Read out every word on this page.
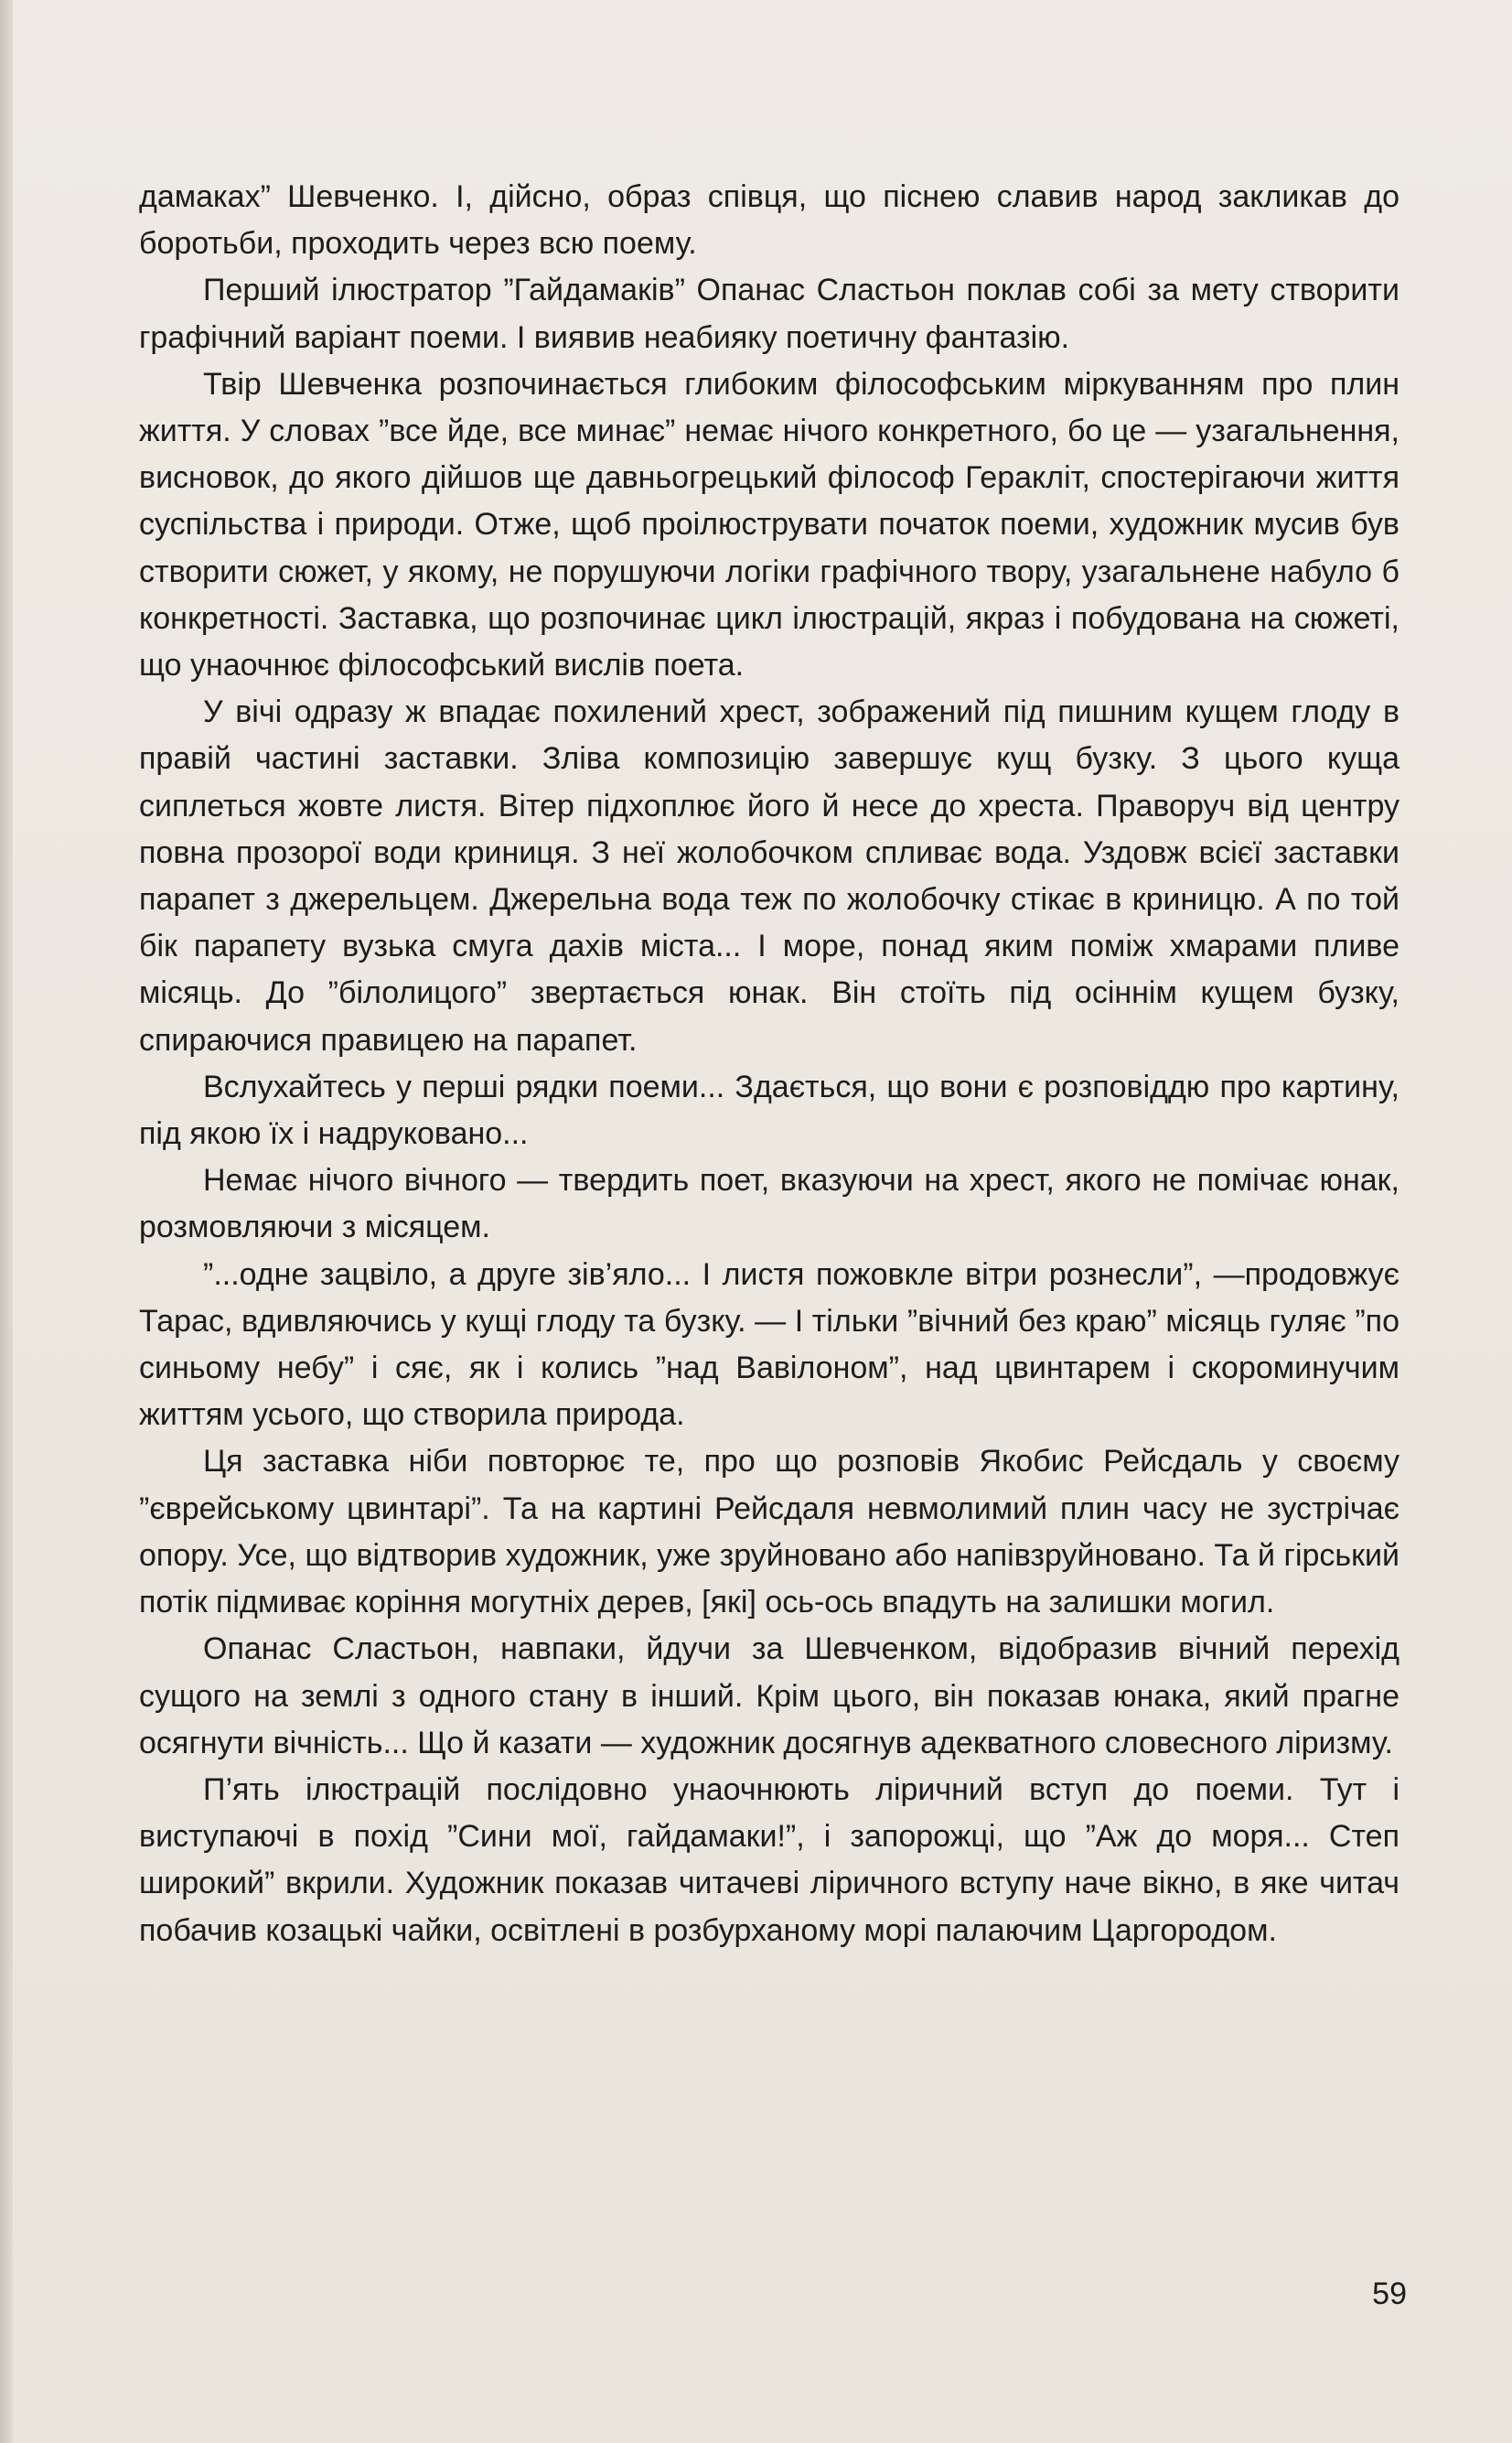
дамаках” Шевченко. І, дійсно, образ співця, що піснею славив народ закликав до боротьби, проходить через всю поему.

Перший ілюстратор ”Гайдамаків” Опанас Сластьон поклав собі за мету створити графічний варіант поеми. І виявив неабияку поетичну фантазію.

Твір Шевченка розпочинається глибоким філософським міркуванням про плин життя. У словах ”все йде, все минає” немає нічого конкретного, бо це — узагальнення, висновок, до якого дійшов ще давньогрецький філософ Геракліт, спостерігаючи життя суспільства і природи. Отже, щоб проілюструвати початок поеми, художник мусив був створити сюжет, у якому, не порушуючи логіки графічного твору, узагальнене набуло б конкретності. Заставка, що розпочинає цикл ілюстрацій, якраз і побудована на сюжеті, що унаочнює філософський вислів поета.

У вічі одразу ж впадає похилений хрест, зображений під пишним кущем глоду в правій частині заставки. Зліва композицію завершує кущ бузку. З цього куща сиплеться жовте листя. Вітер підхоплює його й несе до хреста. Праворуч від центру повна прозорої води криниця. З неї жолобочком спливає вода. Уздовж всієї заставки парапет з джерельцем. Джерельна вода теж по жолобочку стікає в криницю. А по той бік парапету вузька смуга дахів міста... І море, понад яким поміж хмарами пливе місяць. До ”білолицого” звертається юнак. Він стоїть під осіннім кущем бузку, спираючися правицею на парапет.

Вслухайтесь у перші рядки поеми... Здається, що вони є розповіддю про картину, під якою їх і надруковано...

Немає нічого вічного — твердить поет, вказуючи на хрест, якого не помічає юнак, розмовляючи з місяцем.

”...одне зацвіло, а друге зів’яло... І листя пожовкле вітри рознесли”, —продовжує Тарас, вдивляючись у кущі глоду та бузку. — І тільки ”вічний без краю” місяць гуляє ”по синьому небу” і сяє, як і колись ”над Вавілоном”, над цвинтарем і скороминучим життям усього, що створила природа.

Ця заставка ніби повторює те, про що розповів Якобис Рейсдаль у своєму ”єврейському цвинтарі”. Та на картині Рейсдаля невмолимий плин часу не зустрічає опору. Усе, що відтворив художник, уже зруйновано або напівзруйновано. Та й гірський потік підмиває коріння могутніх дерев, [які] ось-ось впадуть на залишки могил.

Опанас Сластьон, навпаки, йдучи за Шевченком, відобразив вічний перехід сущого на землі з одного стану в інший. Крім цього, він показав юнака, який прагне осягнути вічність... Що й казати — художник досягнув адекватного словесного ліризму.

П’ять ілюстрацій послідовно унаочнюють ліричний вступ до поеми. Тут і виступаючі в похід ”Сини мої, гайдамаки!”, і запорожці, що ”Аж до моря... Степ широкий” вкрили. Художник показав читачеві ліричного вступу наче вікно, в яке читач побачив козацькі чайки, освітлені в розбурханому морі палаючим Царгородом.

59
